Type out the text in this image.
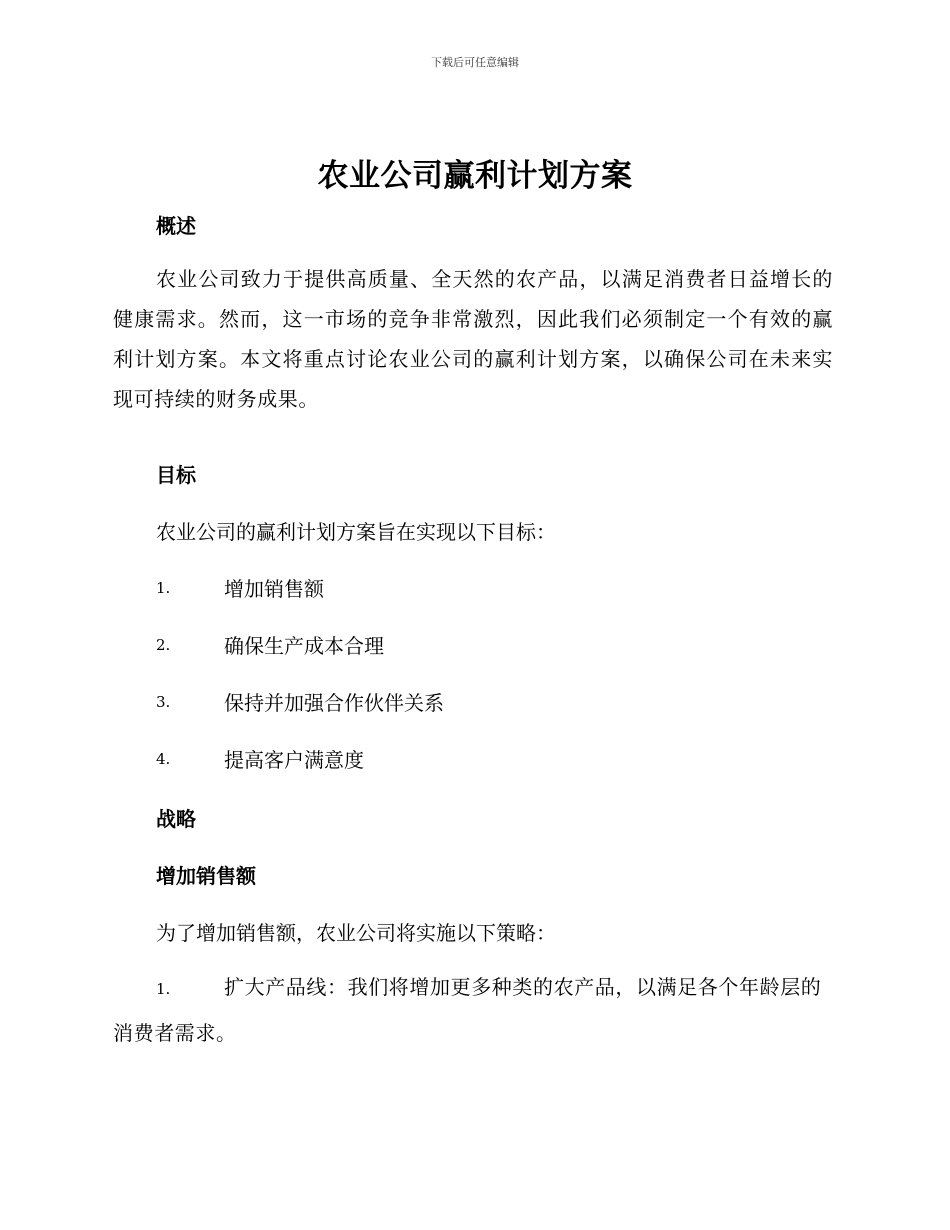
下载后可任意编辑
农业公司赢利计划方案
概述

农业公司致力于提供高质量、全天然的农产品，以满足消费者日益增长的健康需求。然而，这一市场的竞争非常激烈，因此我们必须制定一个有效的赢利计划方案。本文将重点讨论农业公司的赢利计划方案，以确保公司在未来实现可持续的财务成果。

目标

农业公司的赢利计划方案旨在实现以下目标：

1.	增加销售额
2.	确保生产成本合理
3.	保持并加强合作伙伴关系
4.	提高客户满意度
战略
增加销售额

为了增加销售额，农业公司将实施以下策略：

1.	扩大产品线：我们将增加更多种类的农产品，以满足各个年龄层的消费者需求。
